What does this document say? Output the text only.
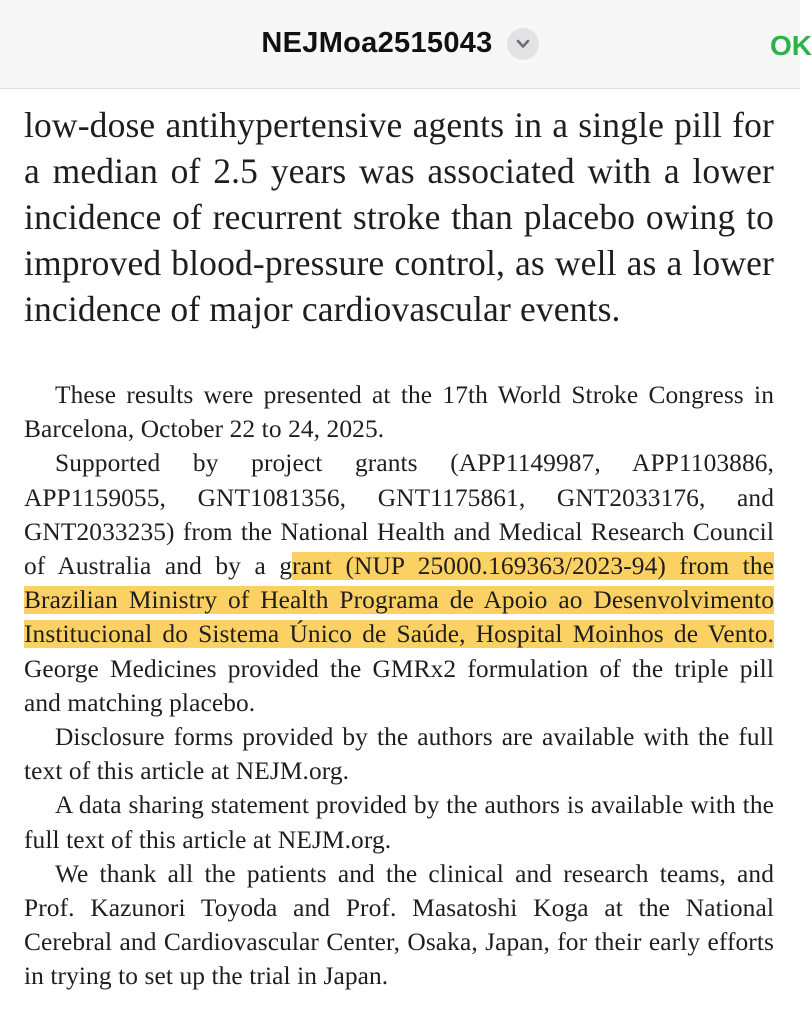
NEJMoa2515043	OK

low-dose antihypertensive agents in a single pill for a median of 2.5 years was associated with a lower incidence of recurrent stroke than placebo owing to improved blood-pressure control, as well as a lower incidence of major cardiovascular events.

These results were presented at the 17th World Stroke Congress in Barcelona, October 22 to 24, 2025.

Supported by project grants (APP1149987, APP1103886, APP1159055, GNT1081356, GNT1175861, GNT2033176, and GNT2033235) from the National Health and Medical Research Council of Australia and by a grant (NUP 25000.169363/2023-94) from the Brazilian Ministry of Health Programa de Apoio ao Desenvolvimento Institucional do Sistema Único de Saúde, Hospital Moinhos de Vento. George Medicines provided the GMRx2 formulation of the triple pill and matching placebo.

Disclosure forms provided by the authors are available with the full text of this article at NEJM.org.

A data sharing statement provided by the authors is available with the full text of this article at NEJM.org.

We thank all the patients and the clinical and research teams, and Prof. Kazunori Toyoda and Prof. Masatoshi Koga at the National Cerebral and Cardiovascular Center, Osaka, Japan, for their early efforts in trying to set up the trial in Japan.
